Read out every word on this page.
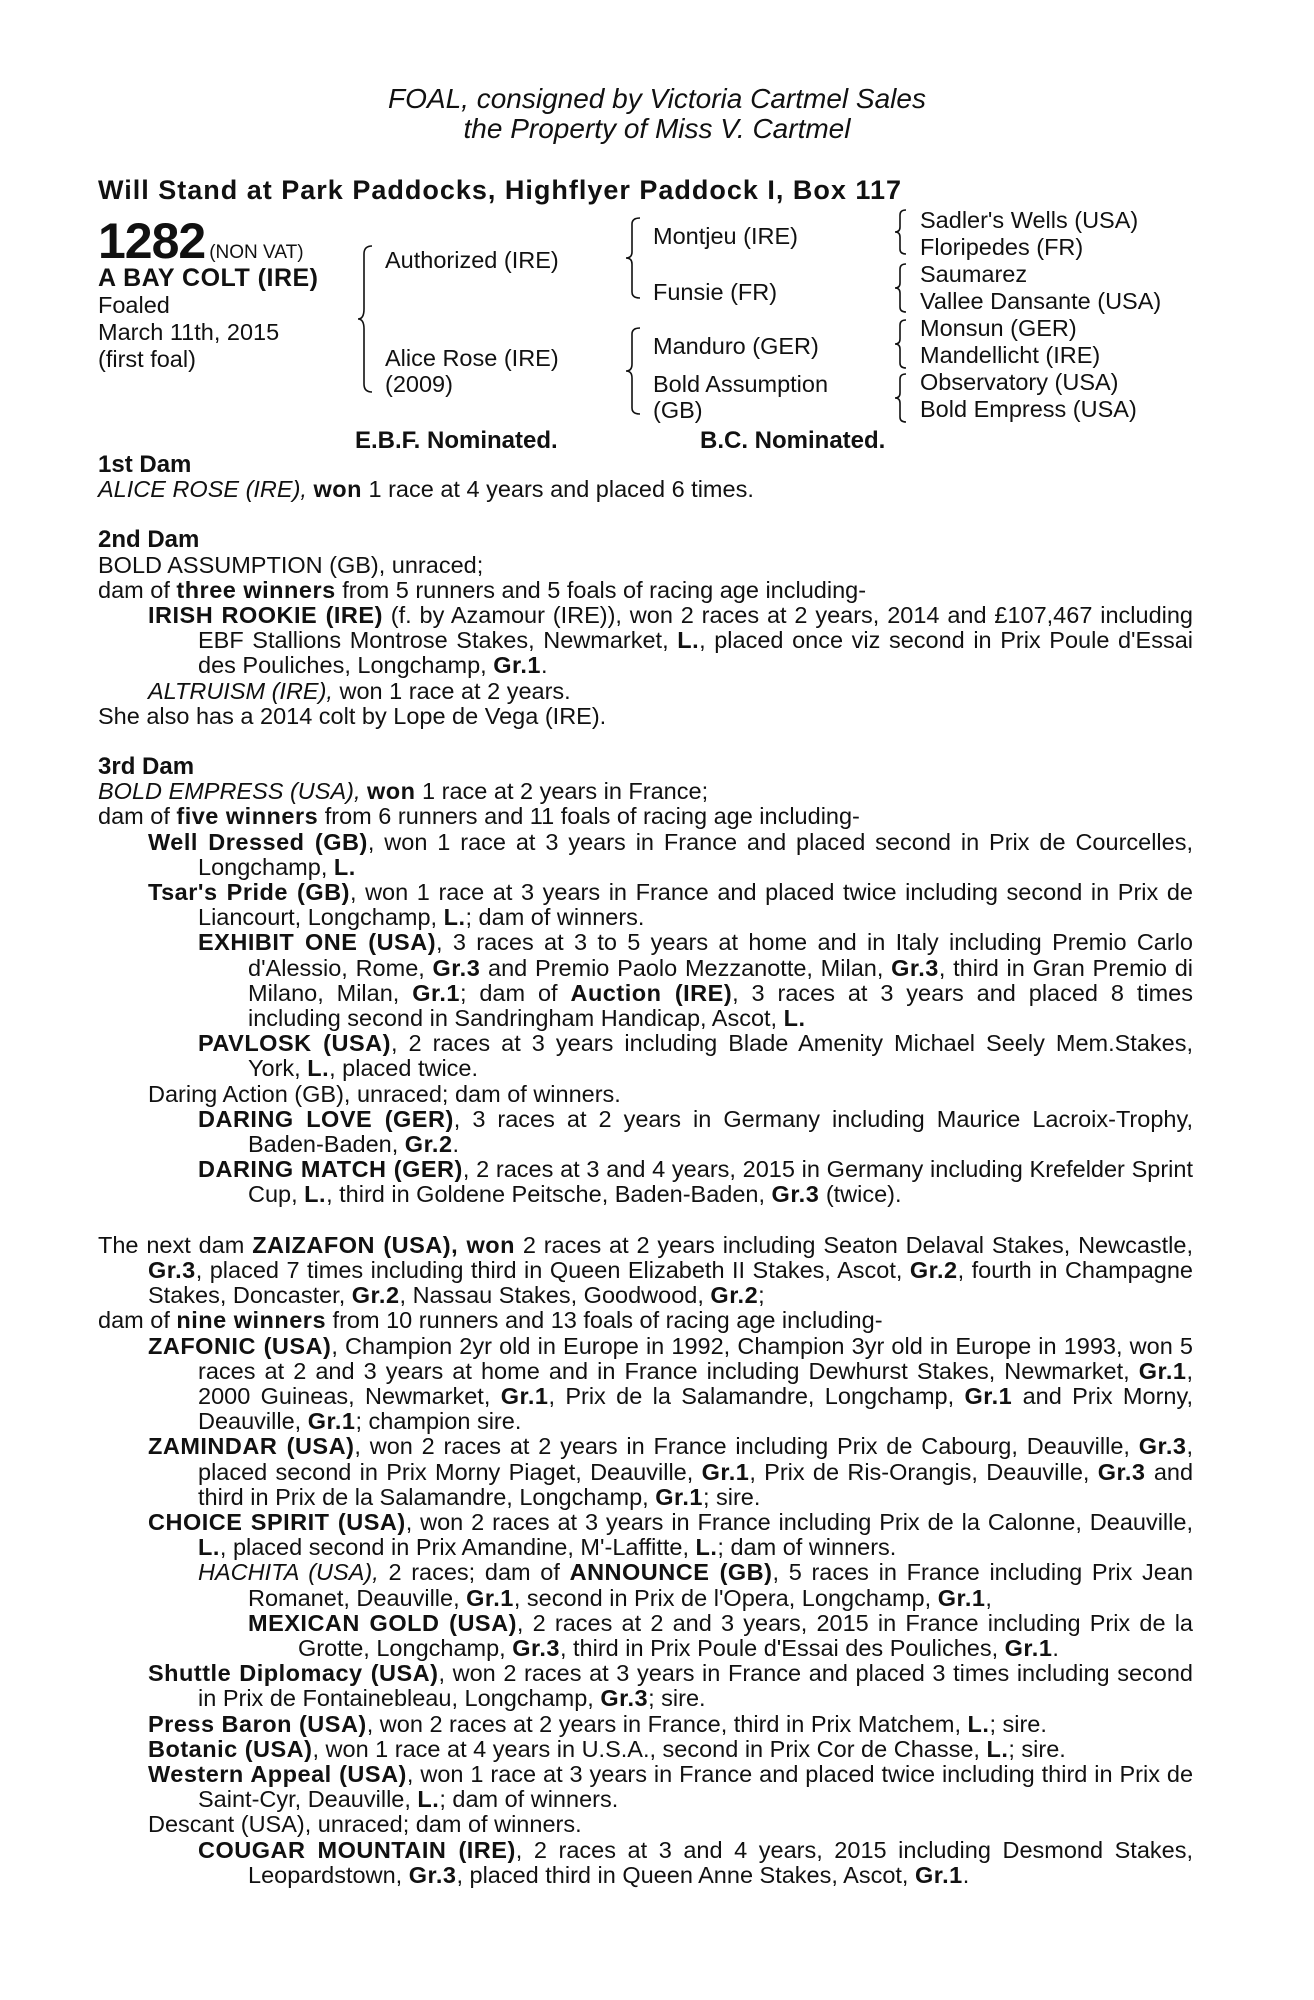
FOAL, consigned by Victoria Cartmel Sales
the Property of Miss V. Cartmel
Will Stand at Park Paddocks, Highflyer Paddock I, Box 117
1282 (NON VAT)
A BAY COLT (IRE)
Foaled
March 11th, 2015
(first foal)
Authorized (IRE)
Alice Rose (IRE)
(2009)
Montjeu (IRE)
Funsie (FR)
Manduro (GER)
Bold Assumption
(GB)
Sadler's Wells (USA)
Floripedes (FR)
Saumarez
Vallee Dansante (USA)
Monsun (GER)
Mandellicht (IRE)
Observatory (USA)
Bold Empress (USA)
E.B.F. Nominated.	B.C. Nominated.

1st Dam

ALICE ROSE (IRE), won 1 race at 4 years and placed 6 times.

2nd Dam

BOLD ASSUMPTION (GB), unraced;

dam of three winners from 5 runners and 5 foals of racing age including-

IRISH ROOKIE (IRE) (f. by Azamour (IRE)), won 2 races at 2 years, 2014 and £107,467 including EBF Stallions Montrose Stakes, Newmarket, L., placed once viz second in Prix Poule d'Essai des Pouliches, Longchamp, Gr.1.

ALTRUISM (IRE), won 1 race at 2 years.

She also has a 2014 colt by Lope de Vega (IRE).

3rd Dam

BOLD EMPRESS (USA), won 1 race at 2 years in France;

dam of five winners from 6 runners and 11 foals of racing age including-

Well Dressed (GB), won 1 race at 3 years in France and placed second in Prix de Courcelles, Longchamp, L.

Tsar's Pride (GB), won 1 race at 3 years in France and placed twice including second in Prix de Liancourt, Longchamp, L.; dam of winners.

EXHIBIT ONE (USA), 3 races at 3 to 5 years at home and in Italy including Premio Carlo d'Alessio, Rome, Gr.3 and Premio Paolo Mezzanotte, Milan, Gr.3, third in Gran Premio di Milano, Milan, Gr.1; dam of Auction (IRE), 3 races at 3 years and placed 8 times including second in Sandringham Handicap, Ascot, L.

PAVLOSK (USA), 2 races at 3 years including Blade Amenity Michael Seely Mem.Stakes, York, L., placed twice.

Daring Action (GB), unraced; dam of winners.

DARING LOVE (GER), 3 races at 2 years in Germany including Maurice Lacroix-Trophy, Baden-Baden, Gr.2.

DARING MATCH (GER), 2 races at 3 and 4 years, 2015 in Germany including Krefelder Sprint Cup, L., third in Goldene Peitsche, Baden-Baden, Gr.3 (twice).

The next dam ZAIZAFON (USA), won 2 races at 2 years including Seaton Delaval Stakes, Newcastle, Gr.3, placed 7 times including third in Queen Elizabeth II Stakes, Ascot, Gr.2, fourth in Champagne Stakes, Doncaster, Gr.2, Nassau Stakes, Goodwood, Gr.2;

dam of nine winners from 10 runners and 13 foals of racing age including-

ZAFONIC (USA), Champion 2yr old in Europe in 1992, Champion 3yr old in Europe in 1993, won 5 races at 2 and 3 years at home and in France including Dewhurst Stakes, Newmarket, Gr.1, 2000 Guineas, Newmarket, Gr.1, Prix de la Salamandre, Longchamp, Gr.1 and Prix Morny, Deauville, Gr.1; champion sire.

ZAMINDAR (USA), won 2 races at 2 years in France including Prix de Cabourg, Deauville, Gr.3, placed second in Prix Morny Piaget, Deauville, Gr.1, Prix de Ris-Orangis, Deauville, Gr.3 and third in Prix de la Salamandre, Longchamp, Gr.1; sire.

CHOICE SPIRIT (USA), won 2 races at 3 years in France including Prix de la Calonne, Deauville, L., placed second in Prix Amandine, M'-Laffitte, L.; dam of winners.

HACHITA (USA), 2 races; dam of ANNOUNCE (GB), 5 races in France including Prix Jean Romanet, Deauville, Gr.1, second in Prix de l'Opera, Longchamp, Gr.1,

MEXICAN GOLD (USA), 2 races at 2 and 3 years, 2015 in France including Prix de la Grotte, Longchamp, Gr.3, third in Prix Poule d'Essai des Pouliches, Gr.1.

Shuttle Diplomacy (USA), won 2 races at 3 years in France and placed 3 times including second in Prix de Fontainebleau, Longchamp, Gr.3; sire.

Press Baron (USA), won 2 races at 2 years in France, third in Prix Matchem, L.; sire.

Botanic (USA), won 1 race at 4 years in U.S.A., second in Prix Cor de Chasse, L.; sire.

Western Appeal (USA), won 1 race at 3 years in France and placed twice including third in Prix de Saint-Cyr, Deauville, L.; dam of winners.

Descant (USA), unraced; dam of winners.

COUGAR MOUNTAIN (IRE), 2 races at 3 and 4 years, 2015 including Desmond Stakes, Leopardstown, Gr.3, placed third in Queen Anne Stakes, Ascot, Gr.1.
